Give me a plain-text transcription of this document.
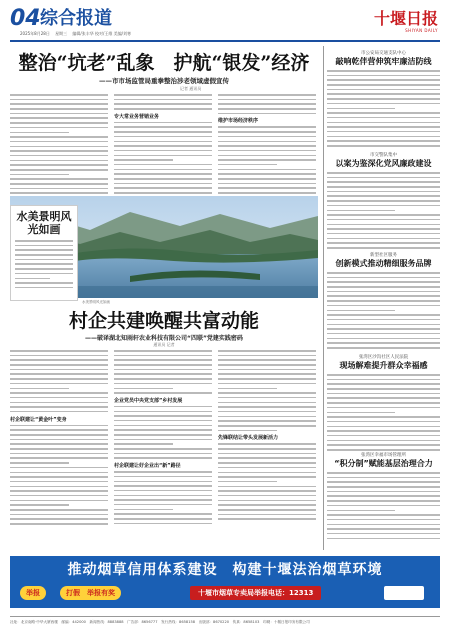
04 综合报道
2025年8月28日 星期三 编辑/张丰华 校对/王维 美编/刘寒
十堰日报
SHIYAN DAILY
整治“坑老”乱象　护航“银发”经济
——市市场监管局重拳整治涉老领域虚假宣传
记者 通讯员
专大常业务营销业务
维护市场经济秩序
水美景明风光如画
水美景明风光如画
村企共建唤醒共富动能
——破译湖北知雨轩农业科技有限公司“四联”党建实践密码
通讯员 记者
村企联建让“黄金叶”变身
企业党员中央党支部”乡村发展
村企联建让好企业出“新”路径
先锋联结让带头发展新活力
市公安局交通支队中心
敲响乾伴营伸筑牢廉洁防线
市交警队集中
以案为鉴深化党风廉政建设
新型社区服务
创新模式推动精细服务品牌
张湾区沙沟社区人民法院
现场解难提升群众幸福感
张湾区幸福市场管理所
“积分制”赋能基层治理合力
推动烟草信用体系建设　构建十堰法治烟草环境
举报	打假　举报有奖	十堰市烟草专卖局举报电话：12313
社址：北京南路·中华大厦西楼　邮编：442000　新闻热线：8883888　广告部：8656777　发行热线：8658158　出版部：8670220　传真：8658103　印刷：十堰日报印务有限公司
